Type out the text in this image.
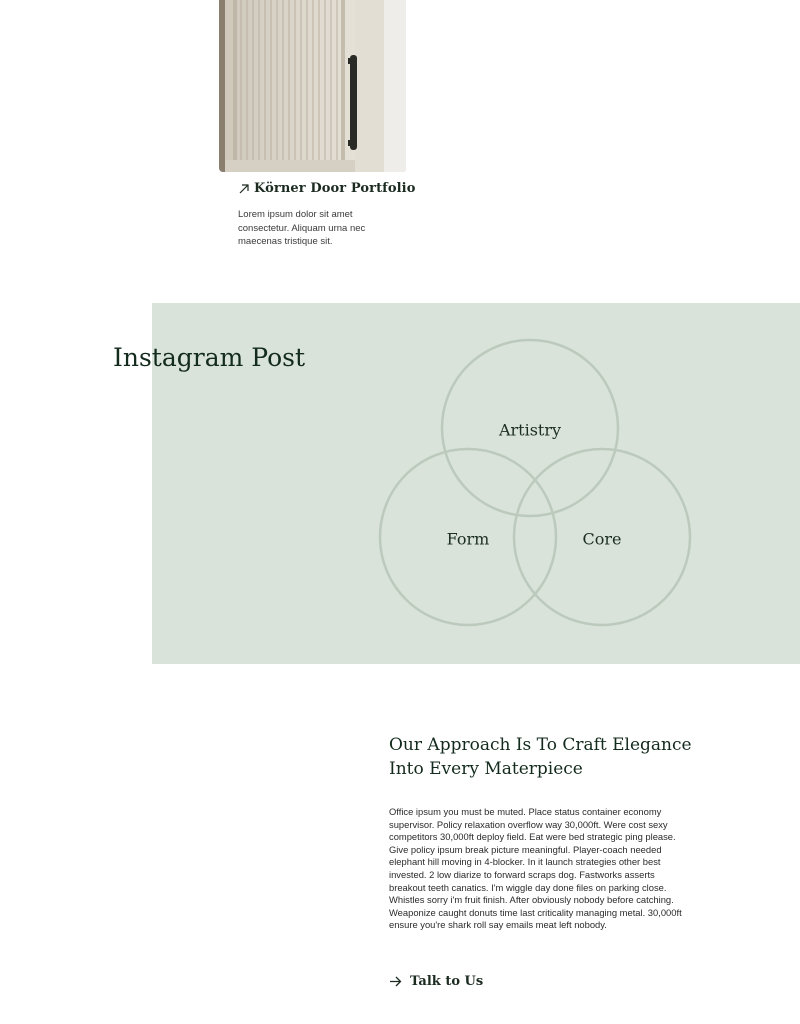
Körner Door Portfolio
Lorem ipsum dolor sit amet consectetur. Aliquam urna nec maecenas tristique sit.
Instagram Post
Artistry
Form	Core
Our Approach Is To Craft Elegance Into Every Materpiece

Office ipsum you must be muted. Place status container economy supervisor. Policy relaxation overflow way 30,000ft. Were cost sexy competitors 30,000ft deploy field. Eat were bed strategic ping please. Give policy ipsum break picture meaningful. Player-coach needed elephant hill moving in 4-blocker. In it launch strategies other best invested. 2 low diarize to forward scraps dog. Fastworks asserts breakout teeth canatics. I'm wiggle day done files on parking close. Whistles sorry i'm fruit finish. After obviously nobody before catching. Weaponize caught donuts time last criticality managing metal. 30,000ft ensure you're shark roll say emails meat left nobody.

Talk to Us
